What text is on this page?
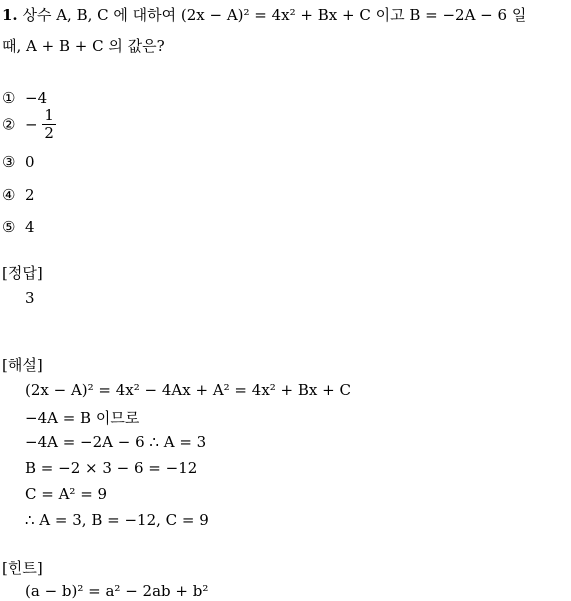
1. 상수 A, B, C 에 대하여 (2x − A)² = 4x² + Bx + C 이고 B = −2A − 6 일
때, A + B + C 의 값은?
① −4
② − $\frac{1}{2}$
③ 0
④ 2
⑤ 4
[정답]
3
[해설]
(2x − A)² = 4x² − 4Ax + A² = 4x² + Bx + C
−4A = B 이므로
−4A = −2A − 6 ∴ A = 3
B = −2 × 3 − 6 = −12
C = A² = 9
∴ A = 3, B = −12, C = 9
[힌트]
(a − b)² = a² − 2ab + b²
